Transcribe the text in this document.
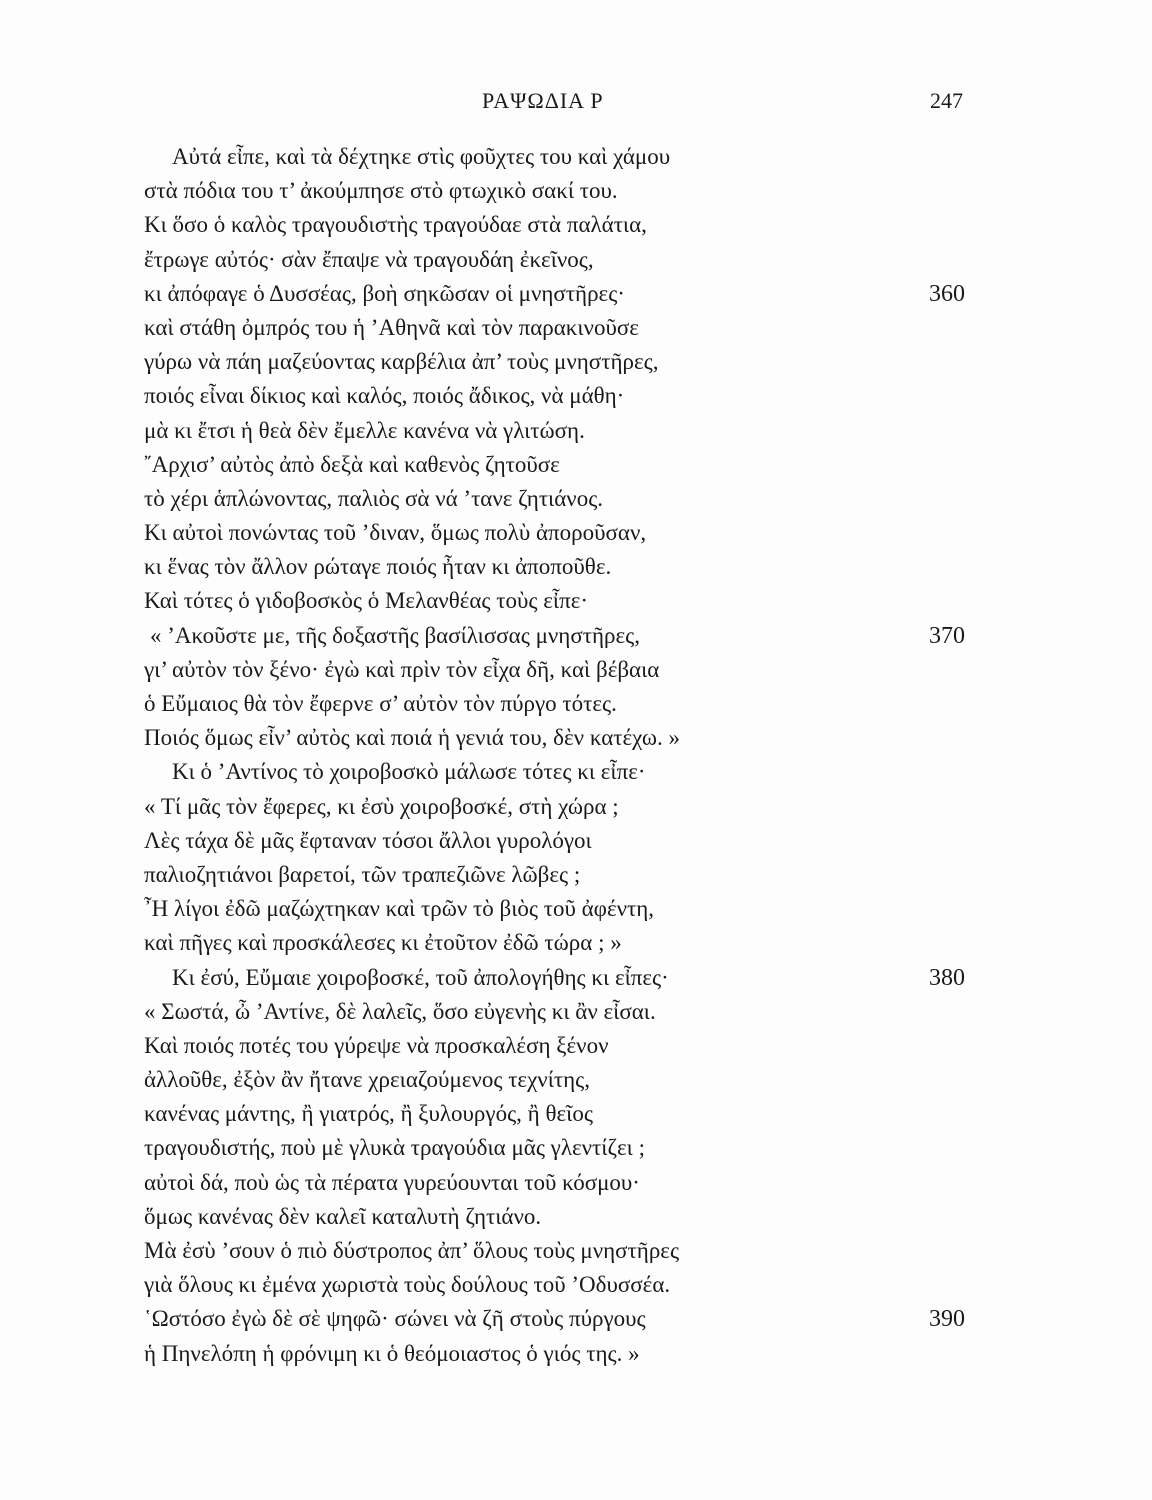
ΡΑΨΩΔΙΑ Ρ	247
Αὐτά εἶπε, καὶ τὰ δέχτηκε στὶς φοῦχτες του καὶ χάμου
στὰ πόδια του τ’ ἀκούμπησε στὸ φτωχικὸ σακί του.
Κι ὅσο ὁ καλὸς τραγουδιστὴς τραγούδαε στὰ παλάτια,
ἔτρωγε αὐτός· σὰν ἔπαψε νὰ τραγουδάη ἐκεῖνος,
κι ἀπόφαγε ὁ Δυσσέας, βοὴ σηκῶσαν οἱ μνηστῆρες·	360
καὶ στάθη ὀμπρός του ἡ ’Αθηνᾶ καὶ τὸν παρακινοῦσε
γύρω νὰ πάη μαζεύοντας καρβέλια ἀπ’ τοὺς μνηστῆρες,
ποιός εἶναι δίκιος καὶ καλός, ποιός ἄδικος, νὰ μάθη·
μὰ κι ἔτσι ἡ θεὰ δὲν ἔμελλε κανένα νὰ γλιτώση.
῎Αρχισ’ αὐτὸς ἀπὸ δεξὰ καὶ καθενὸς ζητοῦσε
τὸ χέρι ἁπλώνοντας, παλιὸς σὰ νά ’τανε ζητιάνος.
Κι αὐτοὶ πονώντας τοῦ ’διναν, ὅμως πολὺ ἀποροῦσαν,
κι ἕνας τὸν ἄλλον ρώταγε ποιός ἦταν κι ἀποποῦθε.
Καὶ τότες ὁ γιδοβοσκὸς ὁ Μελανθέας τοὺς εἶπε·
« ’Ακοῦστε με, τῆς δοξαστῆς βασίλισσας μνηστῆρες,	370
γι’ αὐτὸν τὸν ξένο· ἐγὼ καὶ πρὶν τὸν εἶχα δῆ, καὶ βέβαια
ὁ Εὔμαιος θὰ τὸν ἔφερνε σ’ αὐτὸν τὸν πύργο τότες.
Ποιός ὅμως εἶν’ αὐτὸς καὶ ποιά ἡ γενιά του, δὲν κατέχω. »
Κι ὁ ’Αντίνος τὸ χοιροβοσκὸ μάλωσε τότες κι εἶπε·
« Τί μᾶς τὸν ἔφερες, κι ἐσὺ χοιροβοσκέ, στὴ χώρα ;
Λὲς τάχα δὲ μᾶς ἔφταναν τόσοι ἄλλοι γυρολόγοι
παλιοζητιάνοι βαρετοί, τῶν τραπεζιῶνε λῶβες ;
῏Η λίγοι ἐδῶ μαζώχτηκαν καὶ τρῶν τὸ βιὸς τοῦ ἀφέντη,
καὶ πῆγες καὶ προσκάλεσες κι ἐτοῦτον ἐδῶ τώρα ; »
Κι ἐσύ, Εὔμαιε χοιροβοσκέ, τοῦ ἀπολογήθης κι εἶπες·	380
« Σωστά, ὦ ’Αντίνε, δὲ λαλεῖς, ὅσο εὐγενὴς κι ἂν εἶσαι.
Καὶ ποιός ποτές του γύρεψε νὰ προσκαλέση ξένον
ἀλλοῦθε, ἐξὸν ἂν ἤτανε χρειαζούμενος τεχνίτης,
κανένας μάντης, ἢ γιατρός, ἢ ξυλουργός, ἢ θεῖος
τραγουδιστής, ποὺ μὲ γλυκὰ τραγούδια μᾶς γλεντίζει ;
αὐτοὶ δά, ποὺ ὡς τὰ πέρατα γυρεύουνται τοῦ κόσμου·
ὅμως κανένας δὲν καλεῖ καταλυτὴ ζητιάνο.
Μὰ ἐσὺ ’σουν ὁ πιὸ δύστροπος ἀπ’ ὅλους τοὺς μνηστῆρες
γιὰ ὅλους κι ἐμένα χωριστὰ τοὺς δούλους τοῦ ’Οδυσσέα.
῾Ωστόσο ἐγὼ δὲ σὲ ψηφῶ· σώνει νὰ ζῆ στοὺς πύργους	390
ἡ Πηνελόπη ἡ φρόνιμη κι ὁ θεόμοιαστος ὁ γιός της. »
